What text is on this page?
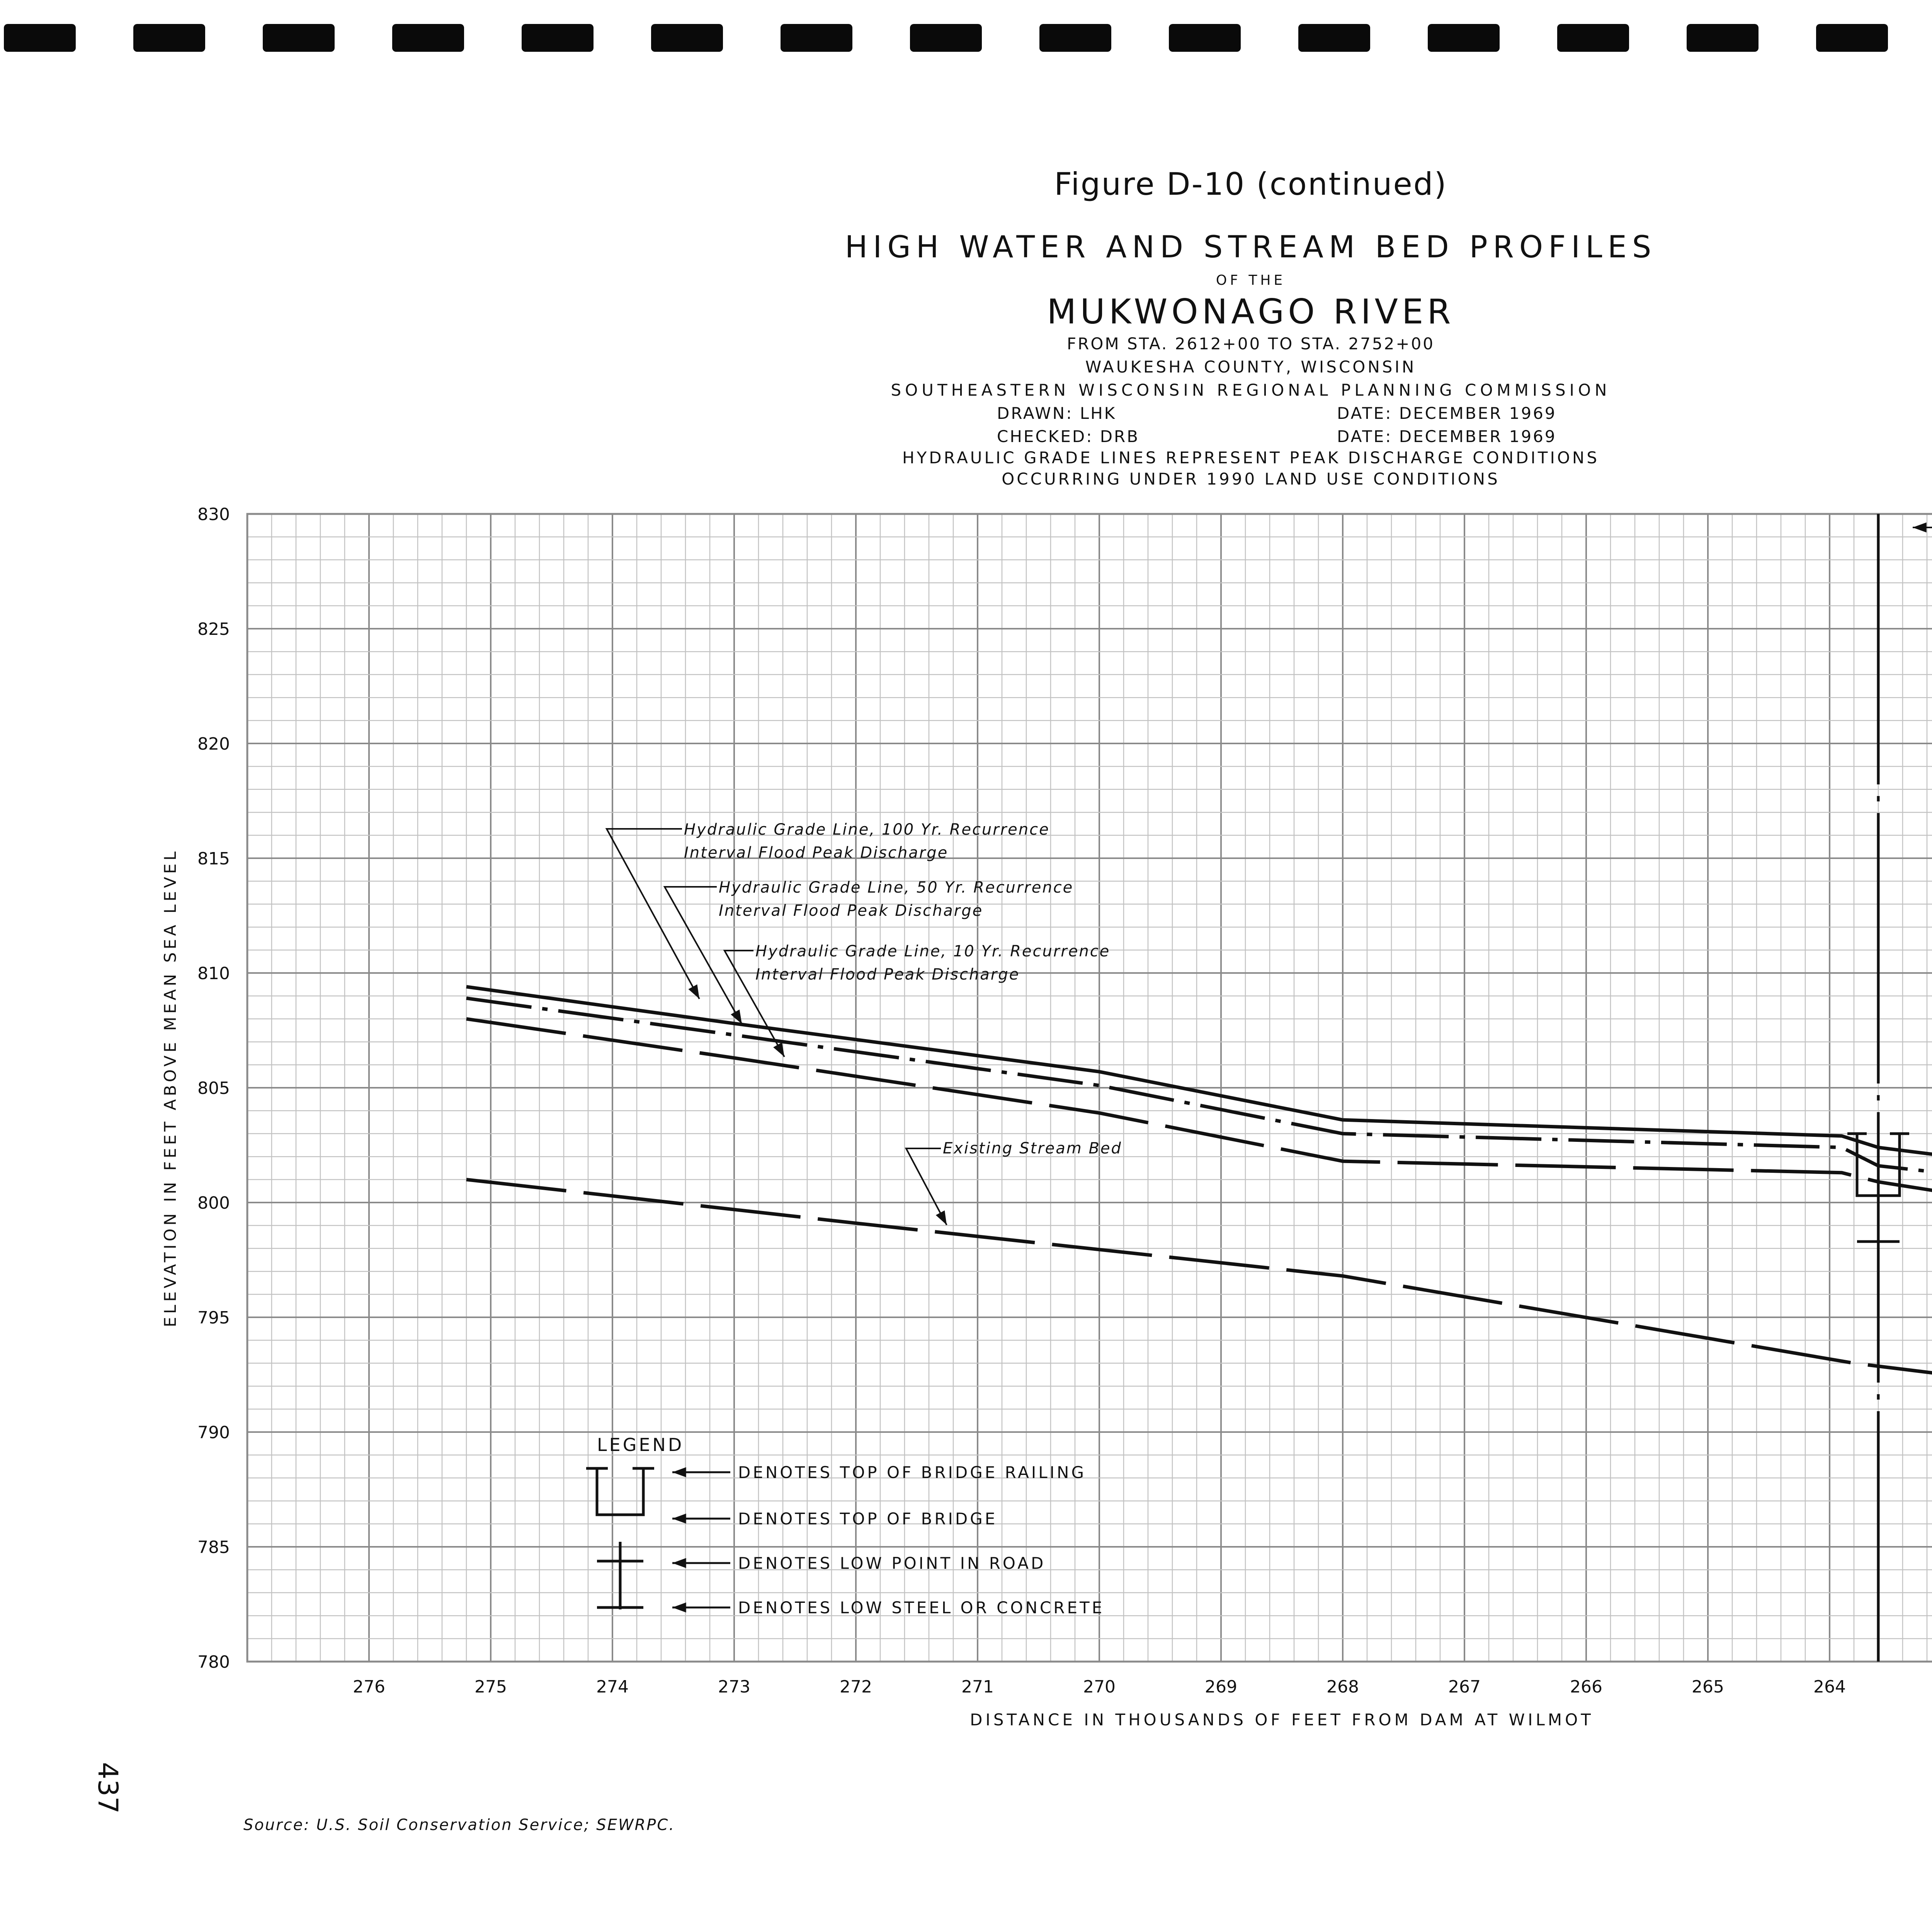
Figure D-10 (continued)
HIGH WATER AND STREAM BED PROFILES
OF THE
MUKWONAGO RIVER
FROM STA. 2612+00 TO STA. 2752+00
WAUKESHA COUNTY, WISCONSIN
SOUTHEASTERN WISCONSIN REGIONAL PLANNING COMMISSION
DRAWN: LHK	DATE: DECEMBER 1969
CHECKED: DRB	DATE: DECEMBER 1969
HYDRAULIC GRADE LINES REPRESENT PEAK DISCHARGE CONDITIONS
OCCURRING UNDER 1990 LAND USE CONDITIONS
780
785
790
795
800
805
810
815
820
825
830
276	275	274	273	272	271	270	269	268	267	266	265	264
DISTANCE IN THOUSANDS OF FEET FROM DAM AT WILMOT
ELEVATION IN FEET ABOVE MEAN SEA LEVEL
Hydraulic Grade Line, 100 Yr. Recurrence
Interval Flood Peak Discharge
Hydraulic Grade Line, 50 Yr. Recurrence
Interval Flood Peak Discharge
Hydraulic Grade Line, 10 Yr. Recurrence
Interval Flood Peak Discharge
Existing Stream Bed
LEGEND
DENOTES TOP OF BRIDGE RAILING
DENOTES TOP OF BRIDGE
DENOTES LOW POINT IN ROAD
DENOTES LOW STEEL OR CONCRETE
437
Source: U.S. Soil Conservation Service; SEWRPC.
